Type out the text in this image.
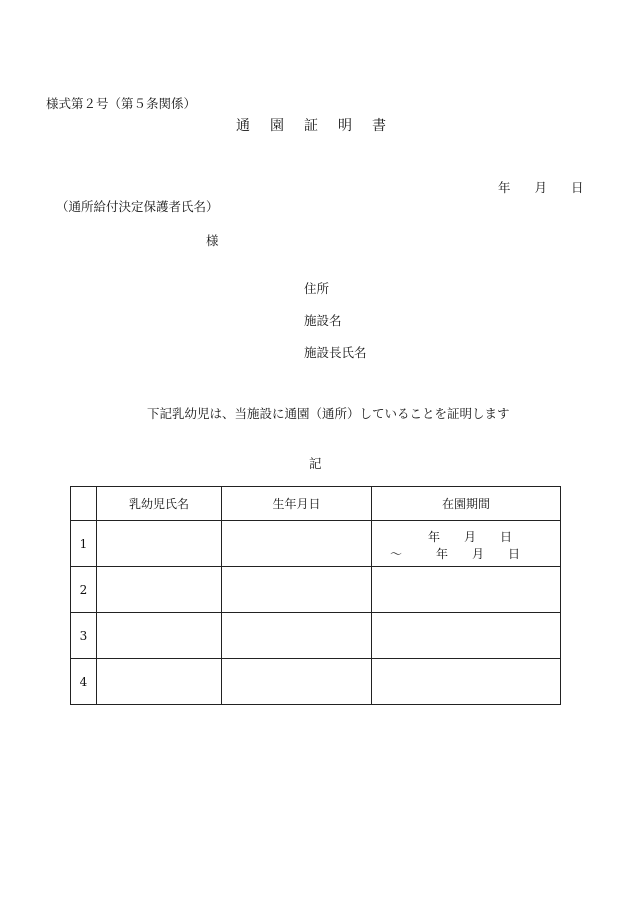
様式第２号（第５条関係）
通園証明書
年 月 日
（通所給付決定保護者氏名）
様
住所
施設名
施設長氏名
下記乳幼児は、当施設に通園（通所）していることを証明します
記
	乳幼児氏名	生年月日	在園期間
1			年 月 日
～ 年 月 日

2			
3			
4			
